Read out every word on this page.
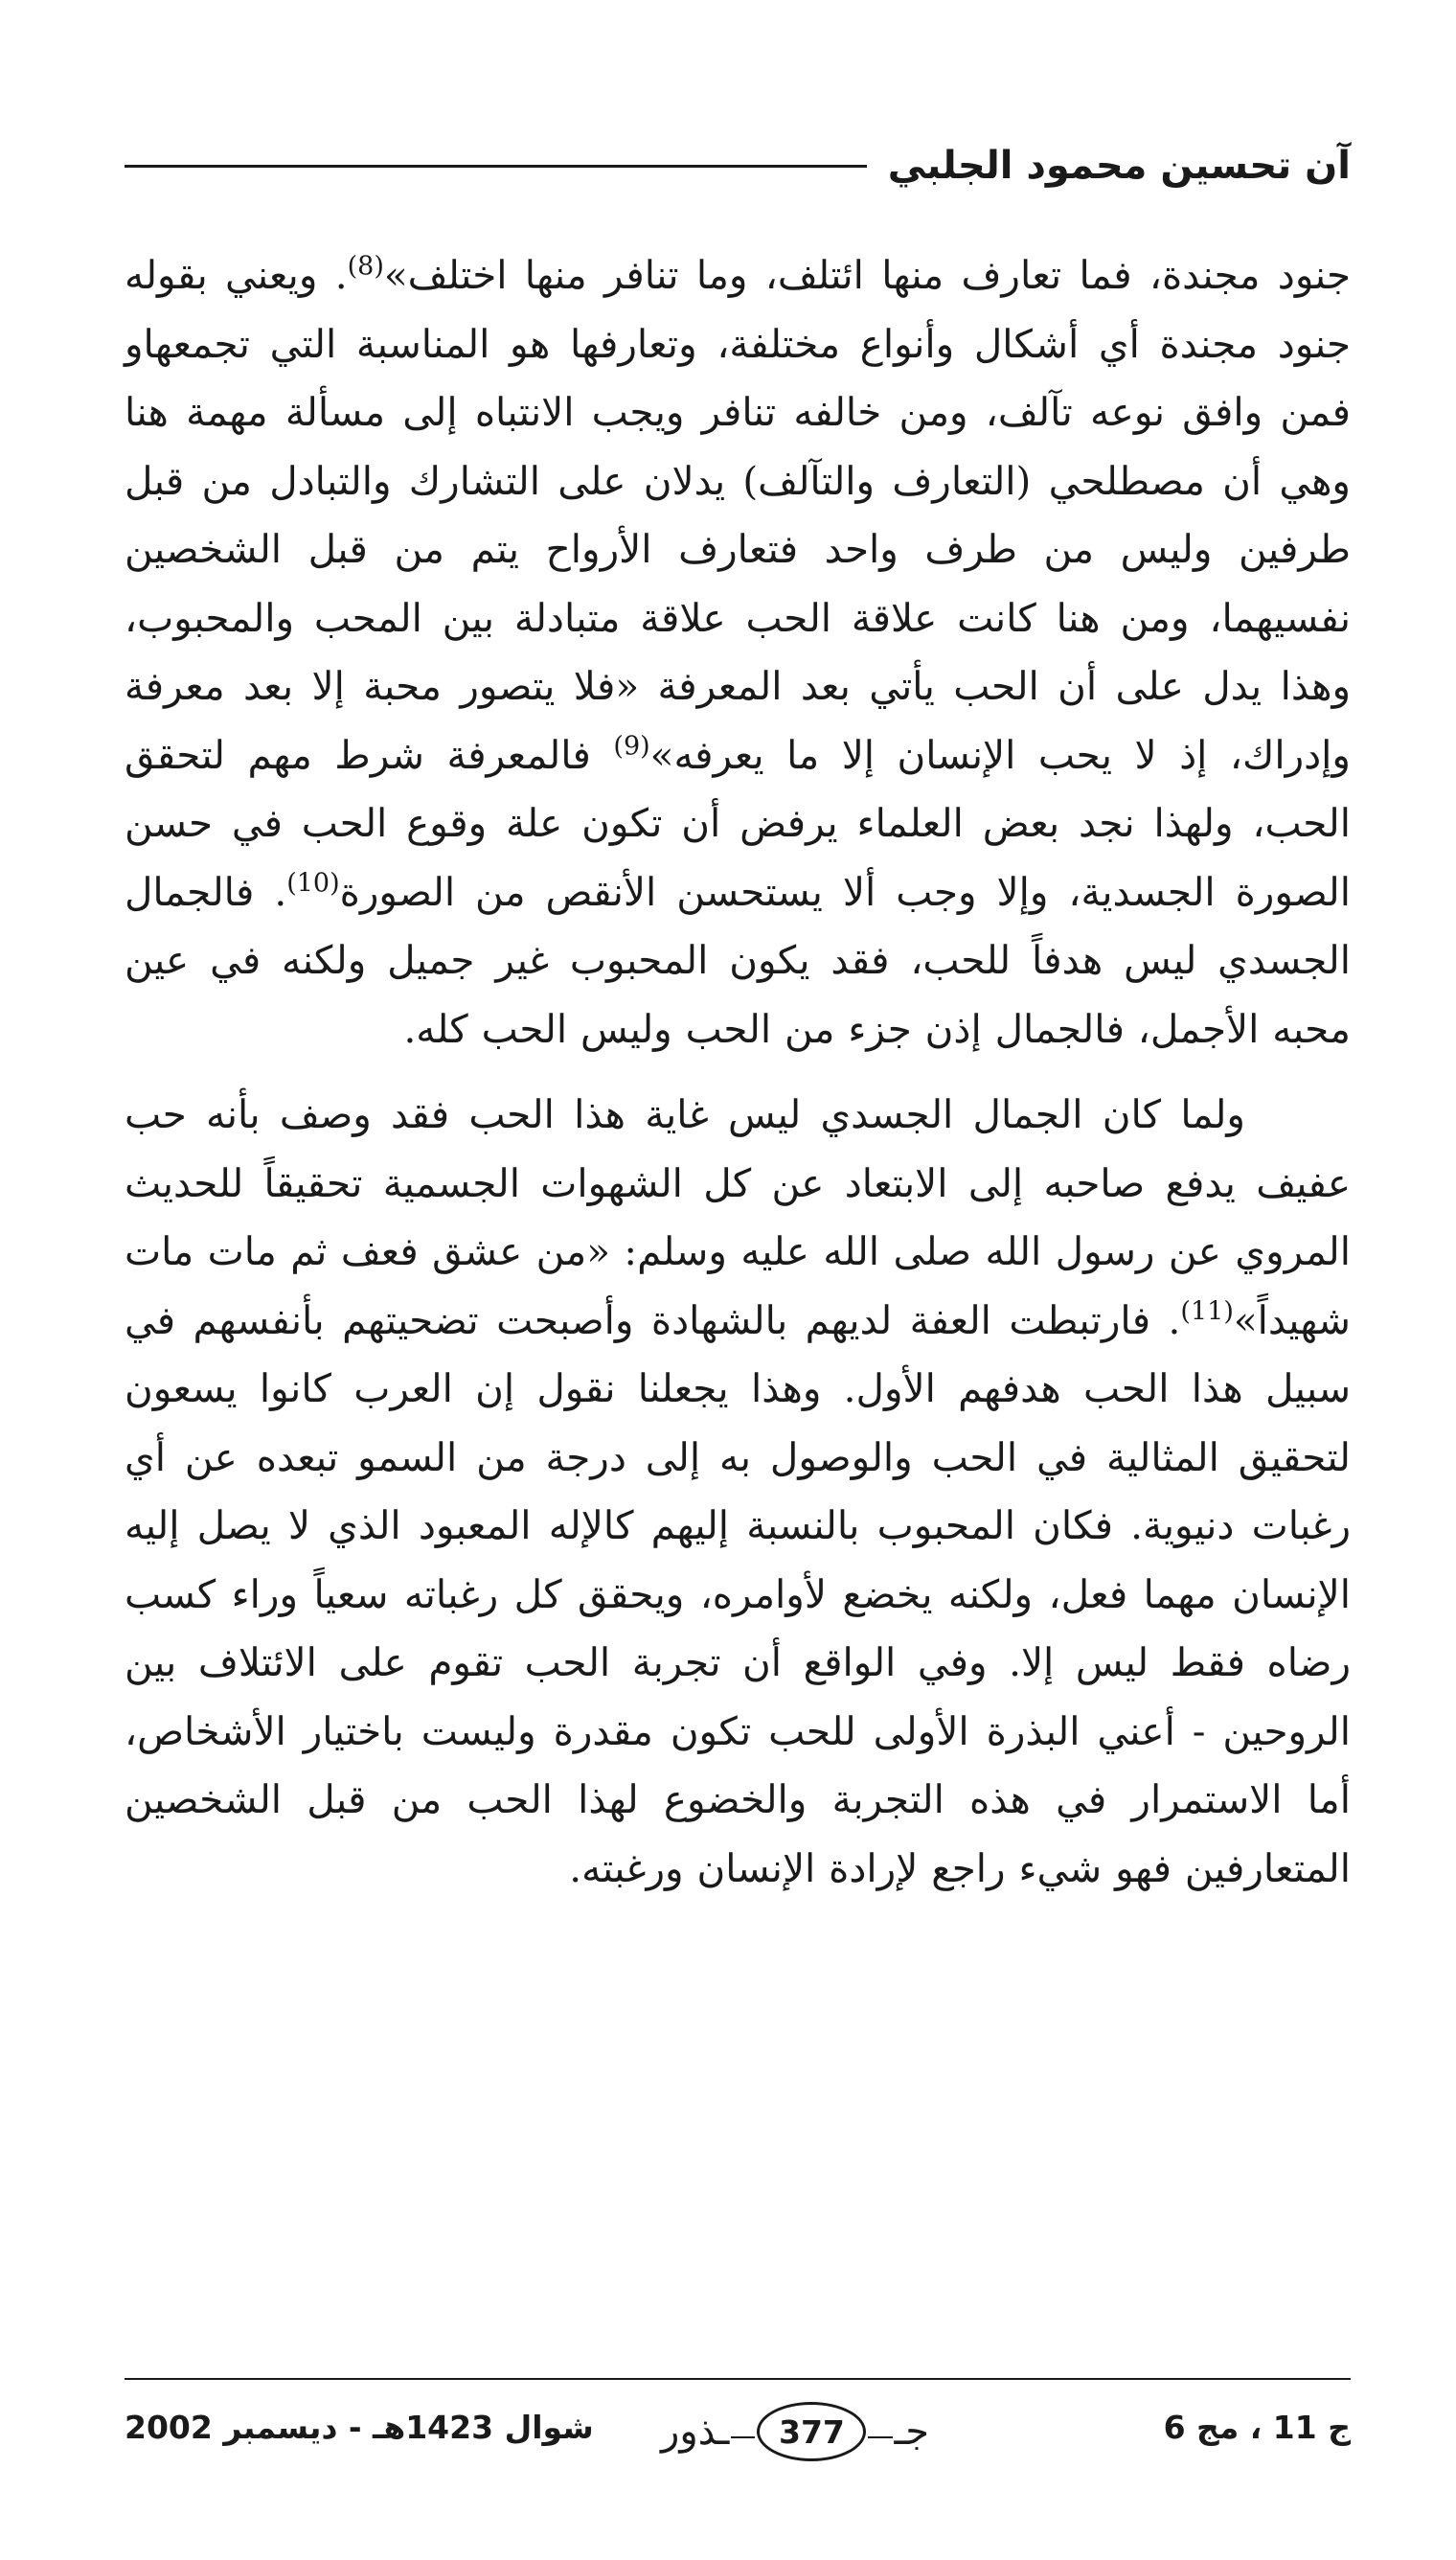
آن تحسين محمود الجلبي

جنود مجندة، فما تعارف منها ائتلف، وما تنافر منها اختلف»$^{(8)}$. ويعني بقوله جنود مجندة أي أشكال وأنواع مختلفة، وتعارفها هو المناسبة التي تجمعهاو فمن وافق نوعه تآلف، ومن خالفه تنافر ويجب الانتباه إلى مسألة مهمة هنا وهي أن مصطلحي (التعارف والتآلف) يدلان على التشارك والتبادل من قبل طرفين وليس من طرف واحد فتعارف الأرواح يتم من قبل الشخصين نفسيهما، ومن هنا كانت علاقة الحب علاقة متبادلة بين المحب والمحبوب، وهذا يدل على أن الحب يأتي بعد المعرفة «فلا يتصور محبة إلا بعد معرفة وإدراك، إذ لا يحب الإنسان إلا ما يعرفه»$^{(9)}$ فالمعرفة شرط مهم لتحقق الحب، ولهذا نجد بعض العلماء يرفض أن تكون علة وقوع الحب في حسن الصورة الجسدية، وإلا وجب ألا يستحسن الأنقص من الصورة$^{(10)}$. فالجمال الجسدي ليس هدفاً للحب، فقد يكون المحبوب غير جميل ولكنه في عين محبه الأجمل، فالجمال إذن جزء من الحب وليس الحب كله.

ولما كان الجمال الجسدي ليس غاية هذا الحب فقد وصف بأنه حب عفيف يدفع صاحبه إلى الابتعاد عن كل الشهوات الجسمية تحقيقاً للحديث المروي عن رسول الله صلى الله عليه وسلم: «من عشق فعف ثم مات مات شهيداً»$^{(11)}$. فارتبطت العفة لديهم بالشهادة وأصبحت تضحيتهم بأنفسهم في سبيل هذا الحب هدفهم الأول. وهذا يجعلنا نقول إن العرب كانوا يسعون لتحقيق المثالية في الحب والوصول به إلى درجة من السمو تبعده عن أي رغبات دنيوية. فكان المحبوب بالنسبة إليهم كالإله المعبود الذي لا يصل إليه الإنسان مهما فعل، ولكنه يخضع لأوامره، ويحقق كل رغباته سعياً وراء كسب رضاه فقط ليس إلا. وفي الواقع أن تجربة الحب تقوم على الائتلاف بين الروحين - أعني البذرة الأولى للحب تكون مقدرة وليست باختيار الأشخاص، أما الاستمرار في هذه التجربة والخضوع لهذا الحب من قبل الشخصين المتعارفين فهو شيء راجع لإرادة الإنسان ورغبته.

ج 11 ، مج 6
جـ
377
ـذور
شوال 1423هـ - ديسمبر 2002
